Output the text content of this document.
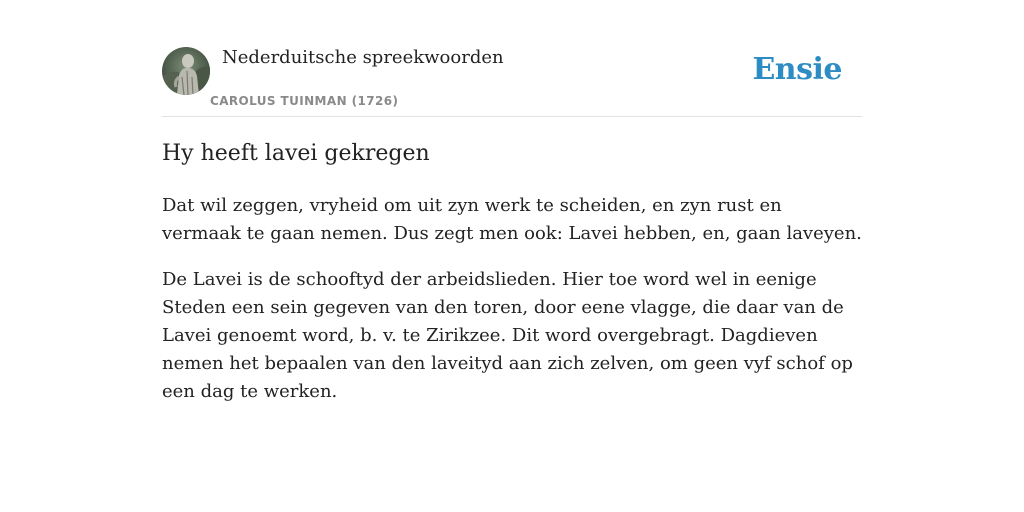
Nederduitsche spreekwoorden
CAROLUS TUINMAN (1726)
Ensie
Hy heeft lavei gekregen

Dat wil zeggen, vryheid om uit zyn werk te scheiden, en zyn rust en vermaak te gaan nemen. Dus zegt men ook: Lavei hebben, en, gaan laveyen.

De Lavei is de schooftyd der arbeidslieden. Hier toe word wel in eenige Steden een sein gegeven van den toren, door eene vlagge, die daar van de Lavei genoemt word, b. v. te Zirikzee. Dit word overgebragt. Dagdieven nemen het bepaalen van den laveityd aan zich zelven, om geen vyf schof op een dag te werken.
